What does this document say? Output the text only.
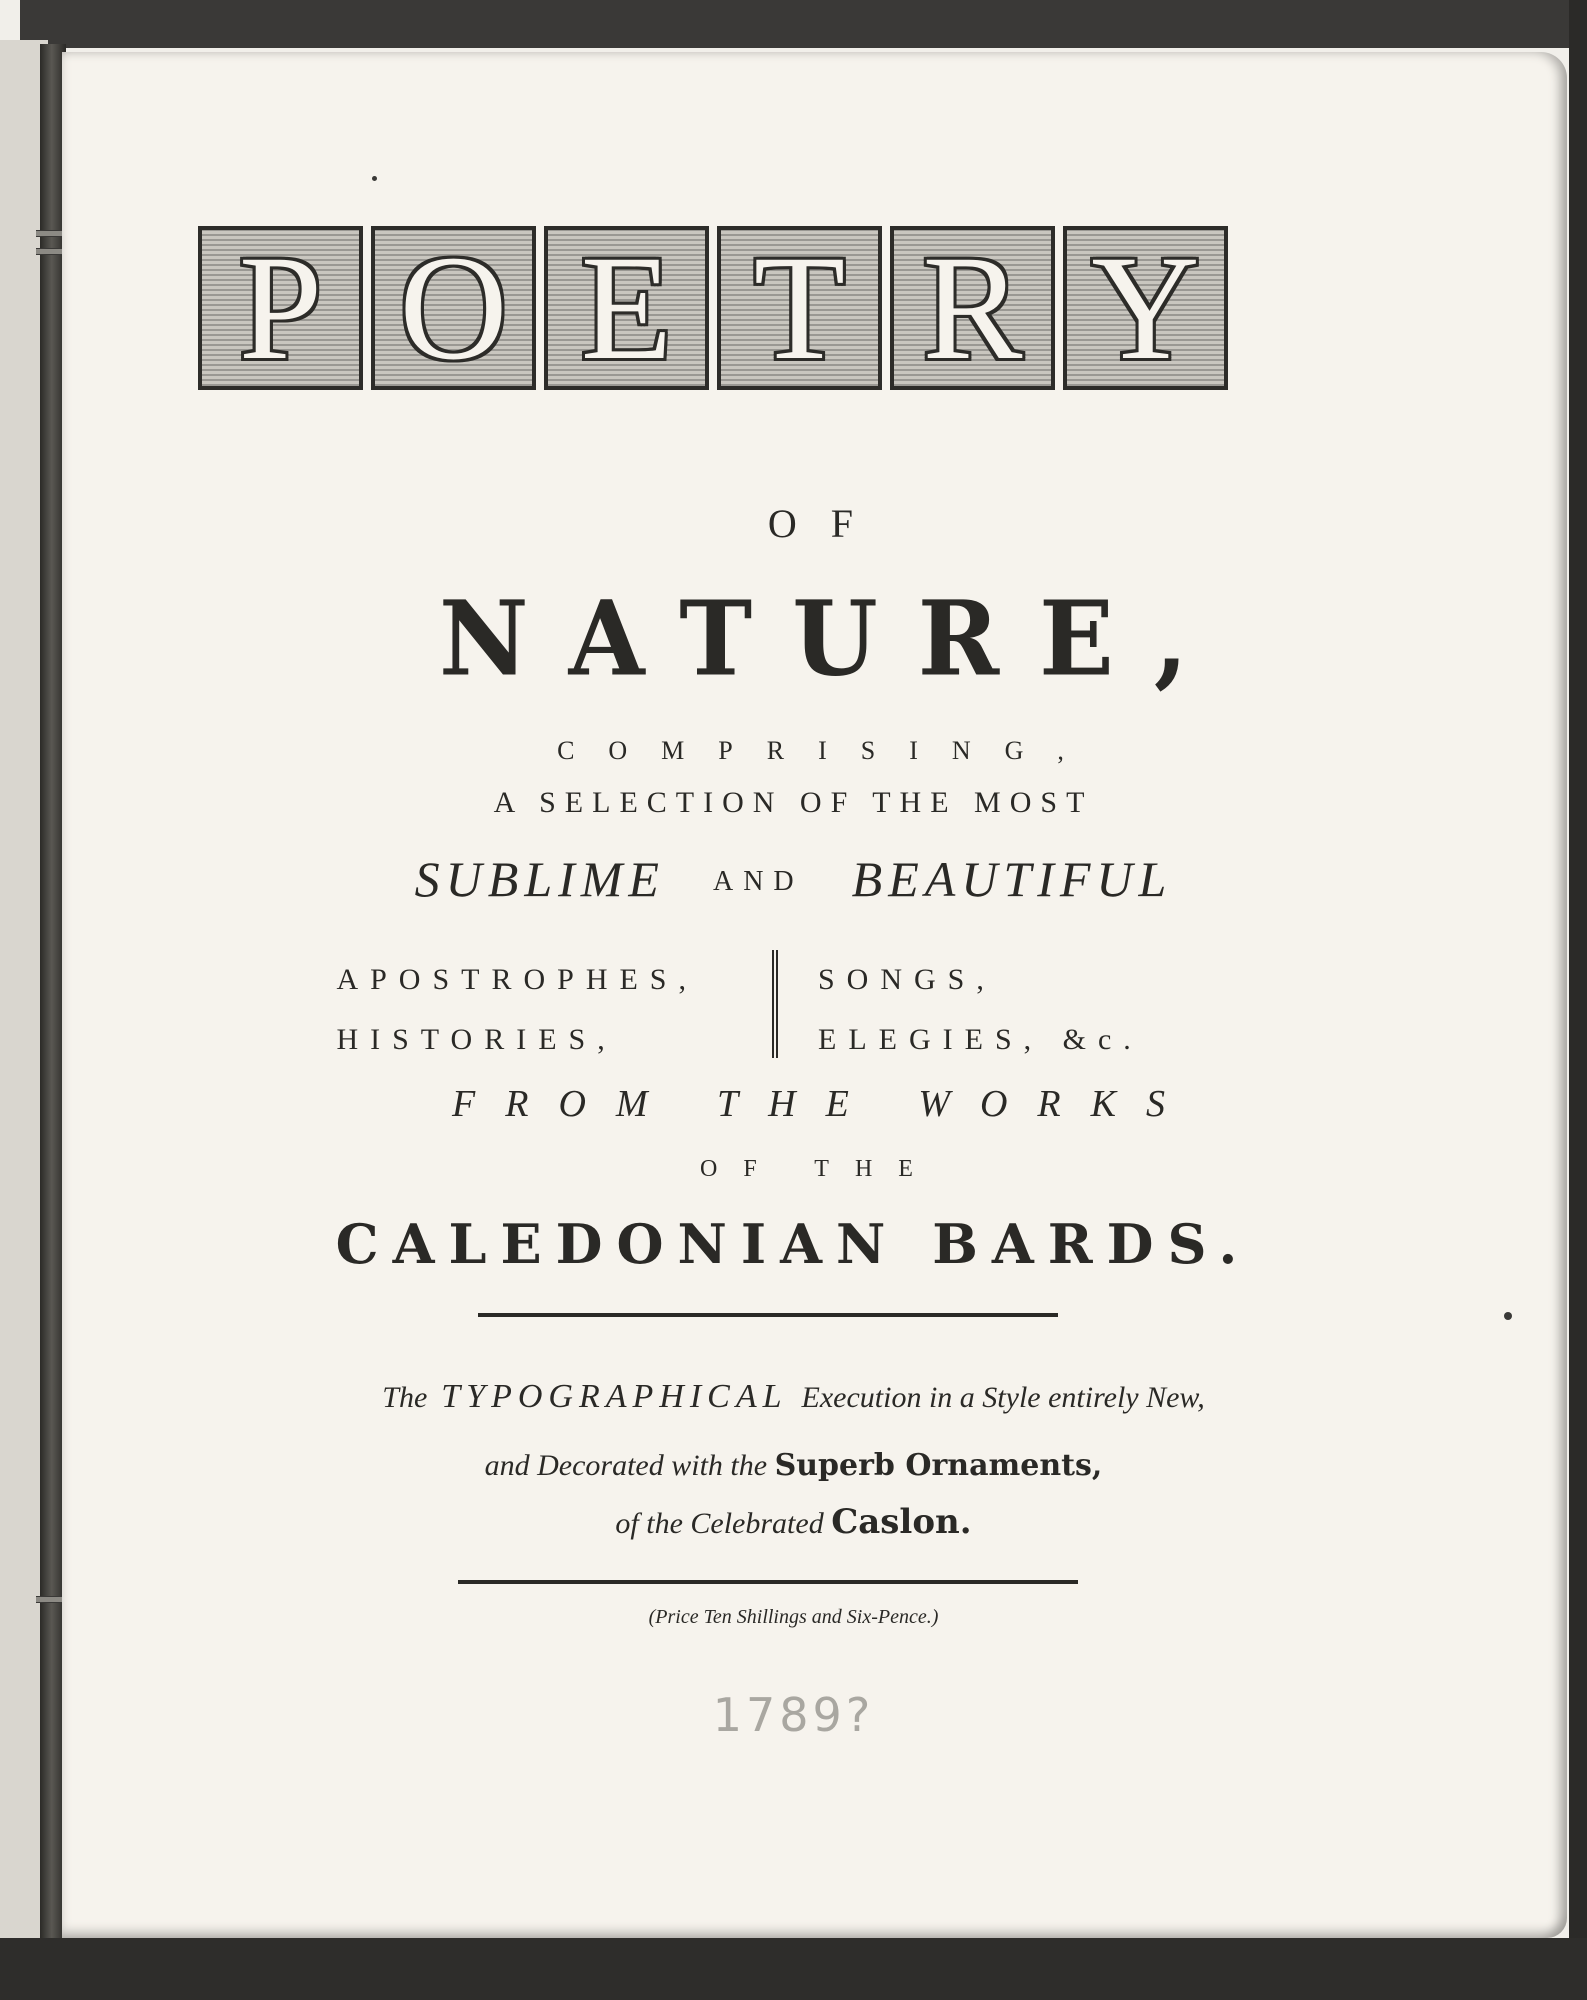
P O E T R Y
OF
NATURE,
COMPRISING,
A SELECTION OF THE MOST
SUBLIME AND BEAUTIFUL
APOSTROPHES,
HISTORIES,
SONGS,
ELEGIES, &c.
FROM THE WORKS
OF THE
CALEDONIAN BARDS.
The TYPOGRAPHICAL Execution in a Style entirely New,
and Decorated with the Superb Ornaments,
of the Celebrated Caslon.
(Price Ten Shillings and Six-Pence.)
1789?
